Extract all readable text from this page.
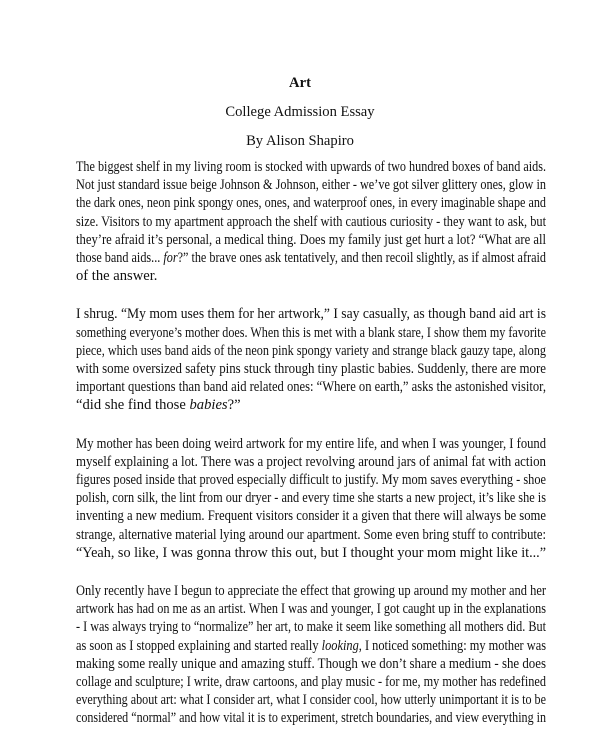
Art
College Admission Essay
By Alison Shapiro
The biggest shelf in my living room is stocked with upwards of two hundred boxes of band aids.
Not just standard issue beige Johnson & Johnson, either - we’ve got silver glittery ones, glow in
the dark ones, neon pink spongy ones, ones, and waterproof ones, in every imaginable shape and
size. Visitors to my apartment approach the shelf with cautious curiosity - they want to ask, but
they’re afraid it’s personal, a medical thing. Does my family just get hurt a lot? “What are all
those band aids... for?” the brave ones ask tentatively, and then recoil slightly, as if almost afraid
of the answer.
I shrug. “My mom uses them for her artwork,” I say casually, as though band aid art is
something everyone’s mother does. When this is met with a blank stare, I show them my favorite
piece, which uses band aids of the neon pink spongy variety and strange black gauzy tape, along
with some oversized safety pins stuck through tiny plastic babies. Suddenly, there are more
important questions than band aid related ones: “Where on earth,” asks the astonished visitor,
“did she find those babies?”
My mother has been doing weird artwork for my entire life, and when I was younger, I found
myself explaining a lot. There was a project revolving around jars of animal fat with action
figures posed inside that proved especially difficult to justify. My mom saves everything - shoe
polish, corn silk, the lint from our dryer - and every time she starts a new project, it’s like she is
inventing a new medium. Frequent visitors consider it a given that there will always be some
strange, alternative material lying around our apartment. Some even bring stuff to contribute:
“Yeah, so like, I was gonna throw this out, but I thought your mom might like it...”
Only recently have I begun to appreciate the effect that growing up around my mother and her
artwork has had on me as an artist. When I was and younger, I got caught up in the explanations
- I was always trying to “normalize” her art, to make it seem like something all mothers did. But
as soon as I stopped explaining and started really looking, I noticed something: my mother was
making some really unique and amazing stuff. Though we don’t share a medium - she does
collage and sculpture; I write, draw cartoons, and play music - for me, my mother has redefined
everything about art: what I consider art, what I consider cool, how utterly unimportant it is to be
considered “normal” and how vital it is to experiment, stretch boundaries, and view everything in
